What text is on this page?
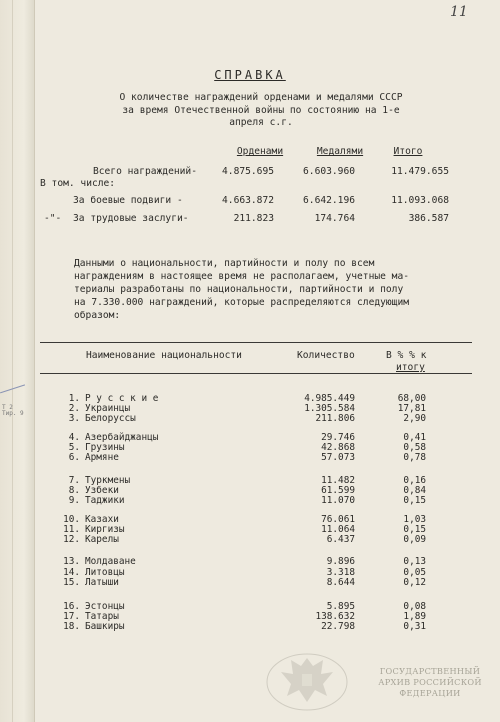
Т 2
Тир. 9
11
СПРАВКА
О количестве награждений орденами и медалями СССР
за время Отечественной войны по состоянию на 1-е
апреля с.г.
Орденами	Медалями	Итого
Всего награждений-	4.875.695	6.603.960	11.479.655
В том. числе:
За боевые подвиги -	4.663.872	6.642.196	11.093.068
-"- За трудовые заслуги-	211.823	174.764	386.587
Данными о национальности, партийности и полу по всем
награждениям в настоящее время не располагаем, учетные ма-
териалы разработаны по национальности, партийности и полу
на 7.330.000 награждений, которые распределяются следующим
образом:
Наименование национальности	Количество	В % % к
итогу
1. Р у с с к и е	4.985.449	68,00
2. Украинцы	1.305.584	17,81
3. Белоруссы	211.806	2,90
4. Азербайджанцы	29.746	0,41
5. Грузины	42.868	0,58
6. Армяне	57.073	0,78
7. Туркмены	11.482	0,16
8. Узбеки	61.599	0,84
9. Таджики	11.070	0,15
10. Казахи	76.061	1,03
11. Киргизы	11.064	0,15
12. Карелы	6.437	0,09
13. Молдаване	9.896	0,13
14. Литовцы	3.318	0,05
15. Латыши	8.644	0,12
16. Эстонцы	5.895	0,08
17. Татары	138.632	1,89
18. Башкиры	22.798	0,31
ГОСУДАРСТВЕННЫЙ
АРХИВ РОССИЙСКОЙ
ФЕДЕРАЦИИ
